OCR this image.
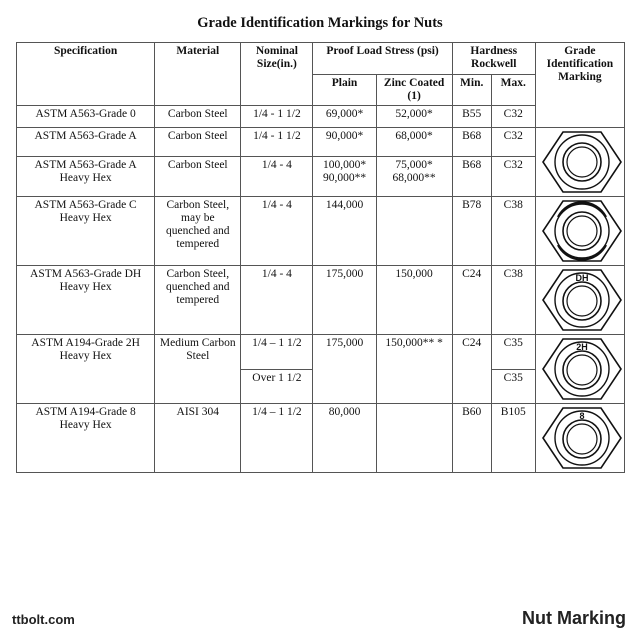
Grade Identification Markings for Nuts
Specification	Material	Nominal Size(in.)	Proof Load Stress (psi)		Hardness Rockwell		Grade Identification Marking
			Plain	Zinc Coated (1)	Min.	Max.	
ASTM A563-Grade 0	Carbon Steel	1/4 - 1 1/2	69,000*	52,000*	B55	C32	
ASTM A563-Grade A	Carbon Steel	1/4 - 1 1/2	90,000*	68,000*	B68	C32	

ASTM A563-Grade A Heavy Hex	Carbon Steel	1/4 - 4	100,000* 90,000**	75,000* 68,000**	B68	C32	
ASTM A563-Grade C Heavy Hex	Carbon Steel, may be quenched and tempered	1/4 - 4	144,000		B78	C38	

ASTM A563-Grade DH Heavy Hex	Carbon Steel, quenched and tempered	1/4 - 4	175,000	150,000	C24	C38	DH

ASTM A194-Grade 2H Heavy Hex	Medium Carbon Steel	1/4 – 1 1/2	175,000	150,000** *	C24	C35	2H

		Over 1 1/2				C35	
ASTM A194-Grade 8 Heavy Hex	AISI 304	1/4 – 1 1/2	80,000		B60	B105	8
ttbolt.com	Nut Marking
